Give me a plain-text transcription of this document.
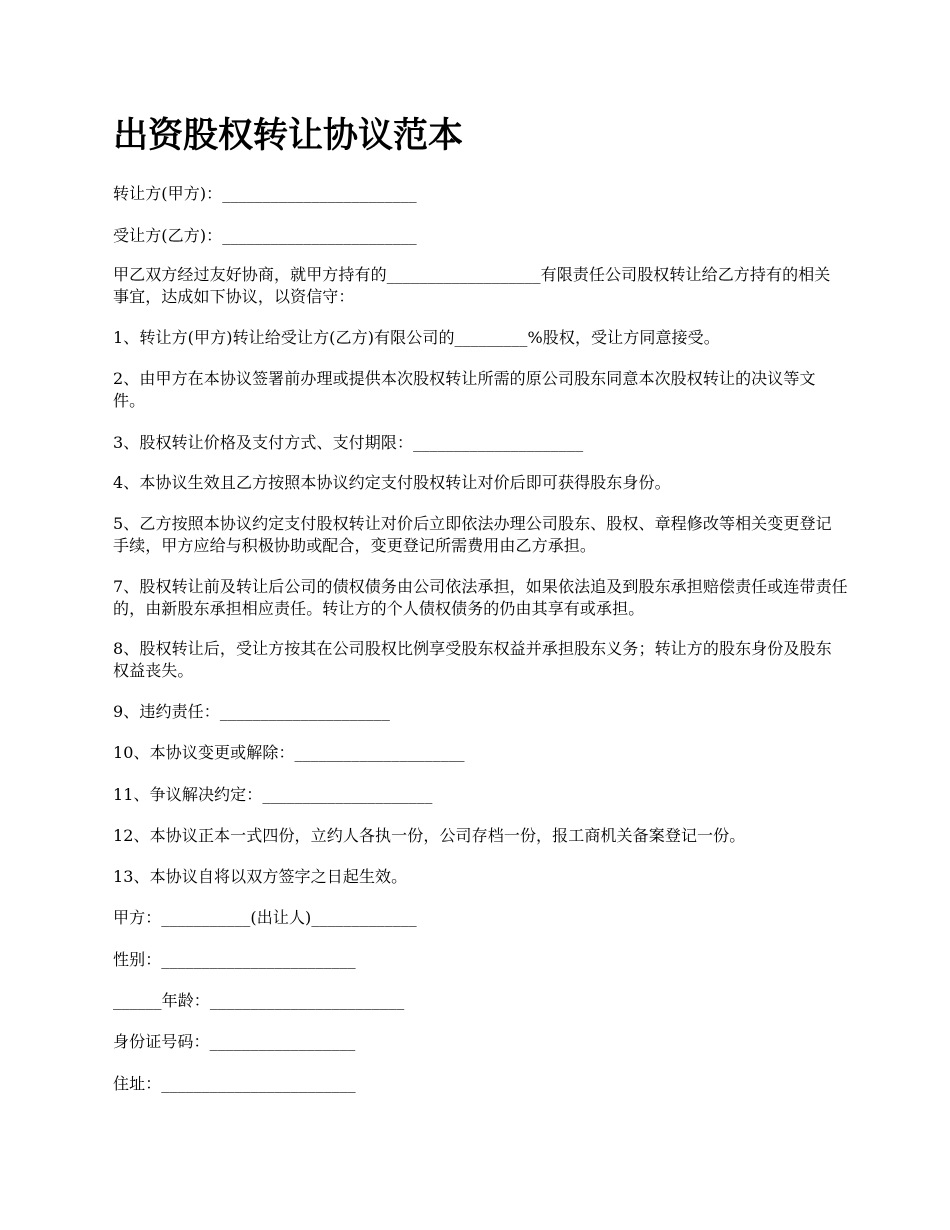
出资股权转让协议范本

转让方(甲方)：________________________

受让方(乙方)：________________________

甲乙双方经过友好协商，就甲方持有的___________________有限责任公司股权转让给乙方持有的相关事宜，达成如下协议，以资信守：

1、转让方(甲方)转让给受让方(乙方)有限公司的_________%股权，受让方同意接受。

2、由甲方在本协议签署前办理或提供本次股权转让所需的原公司股东同意本次股权转让的决议等文件。

3、股权转让价格及支付方式、支付期限：_____________________

4、本协议生效且乙方按照本协议约定支付股权转让对价后即可获得股东身份。

5、乙方按照本协议约定支付股权转让对价后立即依法办理公司股东、股权、章程修改等相关变更登记手续，甲方应给与积极协助或配合，变更登记所需费用由乙方承担。

7、股权转让前及转让后公司的债权债务由公司依法承担，如果依法追及到股东承担赔偿责任或连带责任的，由新股东承担相应责任。转让方的个人债权债务的仍由其享有或承担。

8、股权转让后，受让方按其在公司股权比例享受股东权益并承担股东义务；转让方的股东身份及股东权益丧失。

9、违约责任：_____________________

10、本协议变更或解除：_____________________

11、争议解决约定：_____________________

12、本协议正本一式四份，立约人各执一份，公司存档一份，报工商机关备案登记一份。

13、本协议自将以双方签字之日起生效。

甲方：___________(出让人)_____________

性别：________________________

______年龄：________________________

身份证号码：__________________

住址：________________________
